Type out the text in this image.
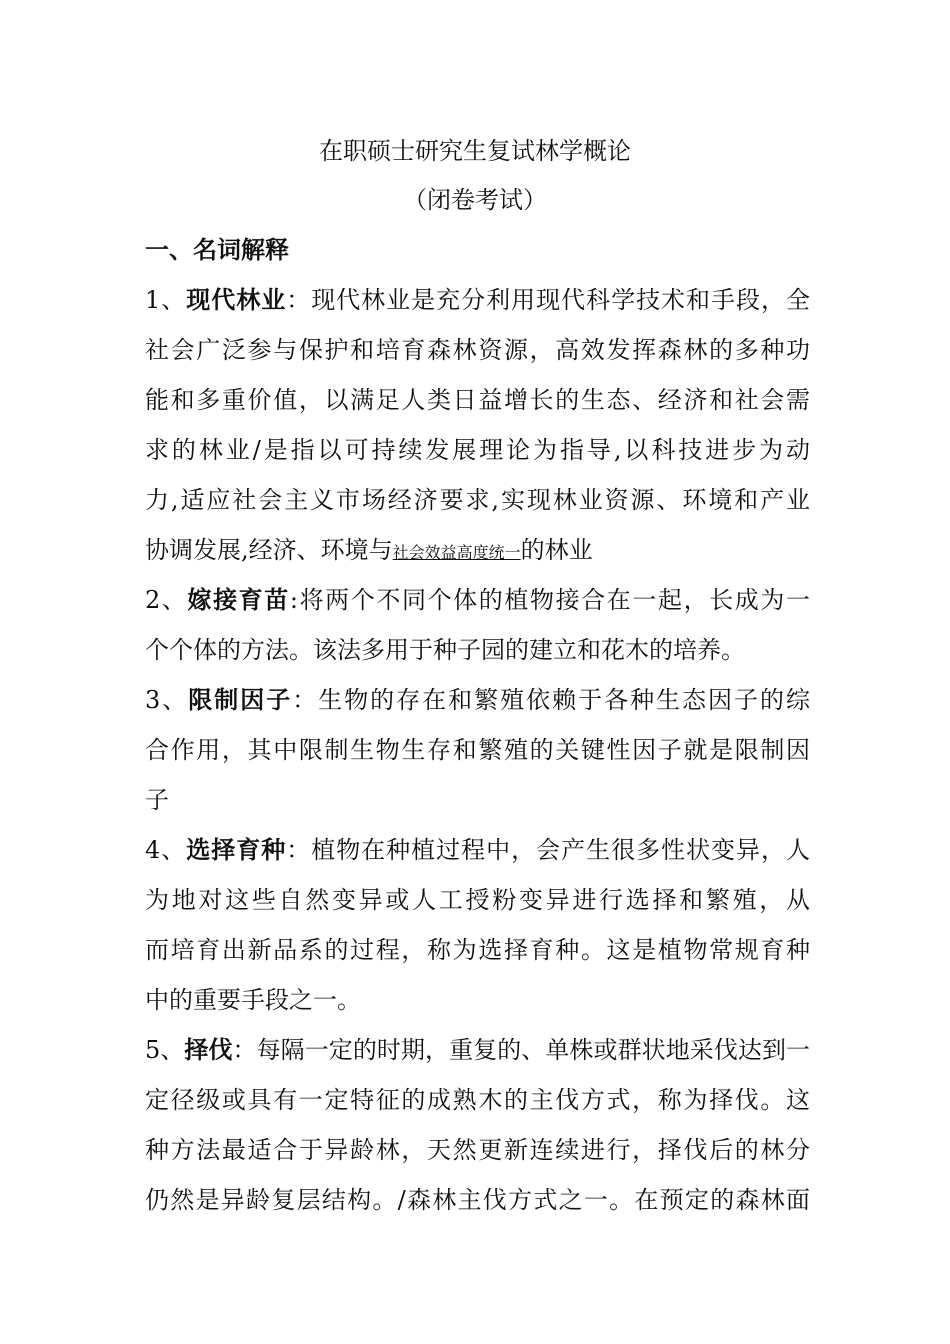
在职硕士研究生复试林学概论
（闭卷考试）
一、名词解释
1、现代林业：现代林业是充分利用现代科学技术和手段，全
社会广泛参与保护和培育森林资源，高效发挥森林的多种功
能和多重价值，以满足人类日益增长的生态、经济和社会需
求的林业/是指以可持续发展理论为指导,以科技进步为动
力,适应社会主义市场经济要求,实现林业资源、环境和产业
协调发展,经济、环境与社会效益高度统一的林业
2、嫁接育苗:将两个不同个体的植物接合在一起，长成为一
个个体的方法。该法多用于种子园的建立和花木的培养。
3、限制因子：生物的存在和繁殖依赖于各种生态因子的综
合作用，其中限制生物生存和繁殖的关键性因子就是限制因
子
4、选择育种：植物在种植过程中，会产生很多性状变异，人
为地对这些自然变异或人工授粉变异进行选择和繁殖，从
而培育出新品系的过程，称为选择育种。这是植物常规育种
中的重要手段之一。
5、择伐：每隔一定的时期，重复的、单株或群状地采伐达到一
定径级或具有一定特征的成熟木的主伐方式，称为择伐。这
种方法最适合于异龄林，天然更新连续进行，择伐后的林分
仍然是异龄复层结构。/森林主伐方式之一。在预定的森林面
